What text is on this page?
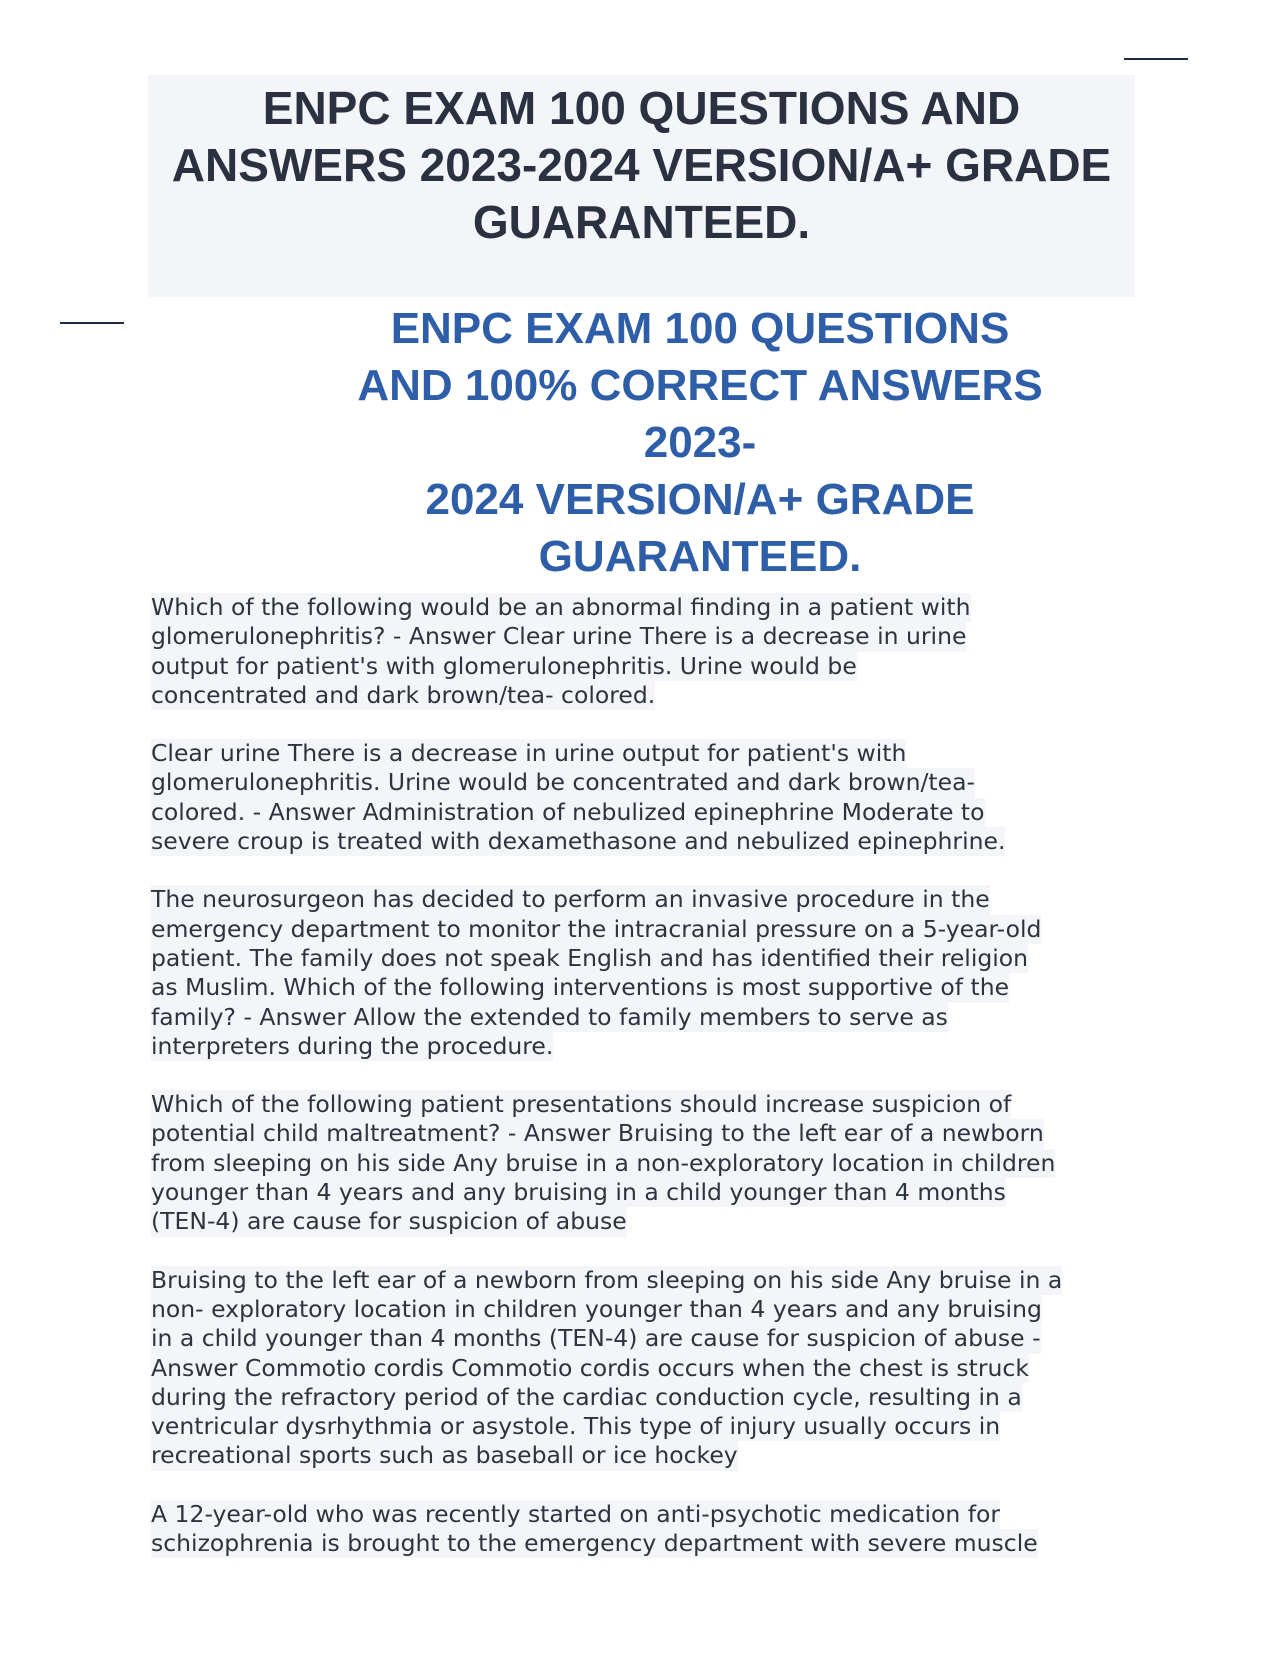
ENPC EXAM 100 QUESTIONS AND
ANSWERS 2023-2024 VERSION/A+ GRADE
GUARANTEED.
ENPC EXAM 100 QUESTIONS
AND 100% CORRECT ANSWERS
2023-
2024 VERSION/A+ GRADE
GUARANTEED.
Which of the following would be an abnormal finding in a patient with
glomerulonephritis? - Answer Clear urine There is a decrease in urine
output for patient's with glomerulonephritis. Urine would be
concentrated and dark brown/tea- colored.
Clear urine There is a decrease in urine output for patient's with
glomerulonephritis. Urine would be concentrated and dark brown/tea-
colored. - Answer Administration of nebulized epinephrine Moderate to
severe croup is treated with dexamethasone and nebulized epinephrine.
The neurosurgeon has decided to perform an invasive procedure in the
emergency department to monitor the intracranial pressure on a 5-year-old
patient. The family does not speak English and has identified their religion
as Muslim. Which of the following interventions is most supportive of the
family? - Answer Allow the extended to family members to serve as
interpreters during the procedure.
Which of the following patient presentations should increase suspicion of
potential child maltreatment? - Answer Bruising to the left ear of a newborn
from sleeping on his side Any bruise in a non-exploratory location in children
younger than 4 years and any bruising in a child younger than 4 months
(TEN-4) are cause for suspicion of abuse
Bruising to the left ear of a newborn from sleeping on his side Any bruise in a
non- exploratory location in children younger than 4 years and any bruising
in a child younger than 4 months (TEN-4) are cause for suspicion of abuse -
Answer Commotio cordis Commotio cordis occurs when the chest is struck
during the refractory period of the cardiac conduction cycle, resulting in a
ventricular dysrhythmia or asystole. This type of injury usually occurs in
recreational sports such as baseball or ice hockey
A 12-year-old who was recently started on anti-psychotic medication for
schizophrenia is brought to the emergency department with severe muscle
